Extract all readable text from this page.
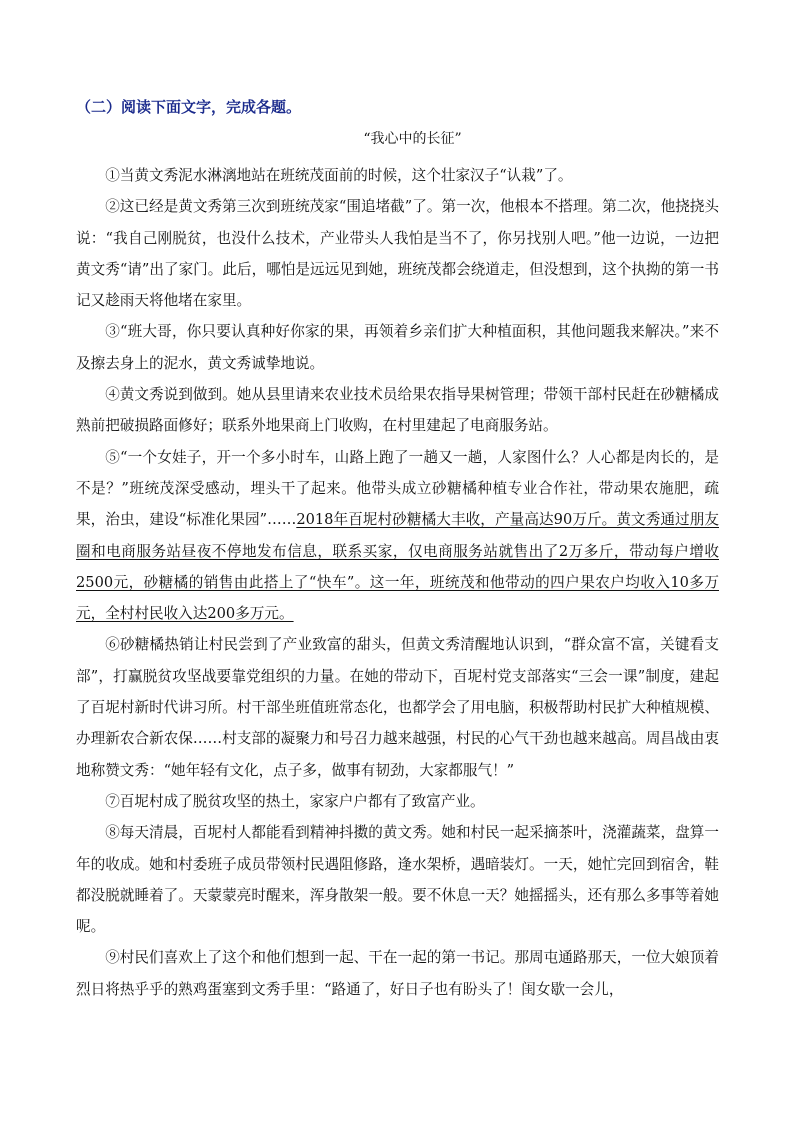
（二）阅读下面文字，完成各题。
“我心中的长征”

①当黄文秀泥水淋漓地站在班统茂面前的时候，这个壮家汉子“认栽”了。

②这已经是黄文秀第三次到班统茂家“围追堵截”了。第一次，他根本不搭理。第二次，他挠挠头说：“我自己刚脱贫，也没什么技术，产业带头人我怕是当不了，你另找别人吧。”他一边说，一边把黄文秀“请”出了家门。此后，哪怕是远远见到她，班统茂都会绕道走，但没想到，这个执拗的第一书记又趁雨天将他堵在家里。

③“班大哥，你只要认真种好你家的果，再领着乡亲们扩大种植面积，其他问题我来解决。”来不及擦去身上的泥水，黄文秀诚挚地说。

④黄文秀说到做到。她从县里请来农业技术员给果农指导果树管理；带领干部村民赶在砂糖橘成熟前把破损路面修好；联系外地果商上门收购，在村里建起了电商服务站。

⑤“一个女娃子，开一个多小时车，山路上跑了一趟又一趟，人家图什么？人心都是肉长的，是不是？”班统茂深受感动，埋头干了起来。他带头成立砂糖橘种植专业合作社，带动果农施肥，疏果，治虫，建设“标准化果园”……2018年百坭村砂糖橘大丰收，产量高达90万斤。黄文秀通过朋友圈和电商服务站昼夜不停地发布信息，联系买家，仅电商服务站就售出了2万多斤，带动每户增收2500元，砂糖橘的销售由此搭上了“快车”。这一年，班统茂和他带动的四户果农户均收入10多万元，全村村民收入达200多万元。

⑥砂糖橘热销让村民尝到了产业致富的甜头，但黄文秀清醒地认识到，“群众富不富，关键看支部”，打赢脱贫攻坚战要靠党组织的力量。在她的带动下，百坭村党支部落实“三会一课”制度，建起了百坭村新时代讲习所。村干部坐班值班常态化，也都学会了用电脑，积极帮助村民扩大种植规模、办理新农合新农保……村支部的凝聚力和号召力越来越强，村民的心气干劲也越来越高。周昌战由衷地称赞文秀：“她年轻有文化，点子多，做事有韧劲，大家都服气！”

⑦百坭村成了脱贫攻坚的热土，家家户户都有了致富产业。

⑧每天清晨，百坭村人都能看到精神抖擞的黄文秀。她和村民一起采摘茶叶，浇灌蔬菜，盘算一年的收成。她和村委班子成员带领村民遇阻修路，逢水架桥，遇暗装灯。一天，她忙完回到宿舍，鞋都没脱就睡着了。天蒙蒙亮时醒来，浑身散架一般。要不休息一天？她摇摇头，还有那么多事等着她呢。

⑨村民们喜欢上了这个和他们想到一起、干在一起的第一书记。那周屯通路那天，一位大娘顶着烈日将热乎乎的熟鸡蛋塞到文秀手里：“路通了，好日子也有盼头了！闺女歇一会儿，
